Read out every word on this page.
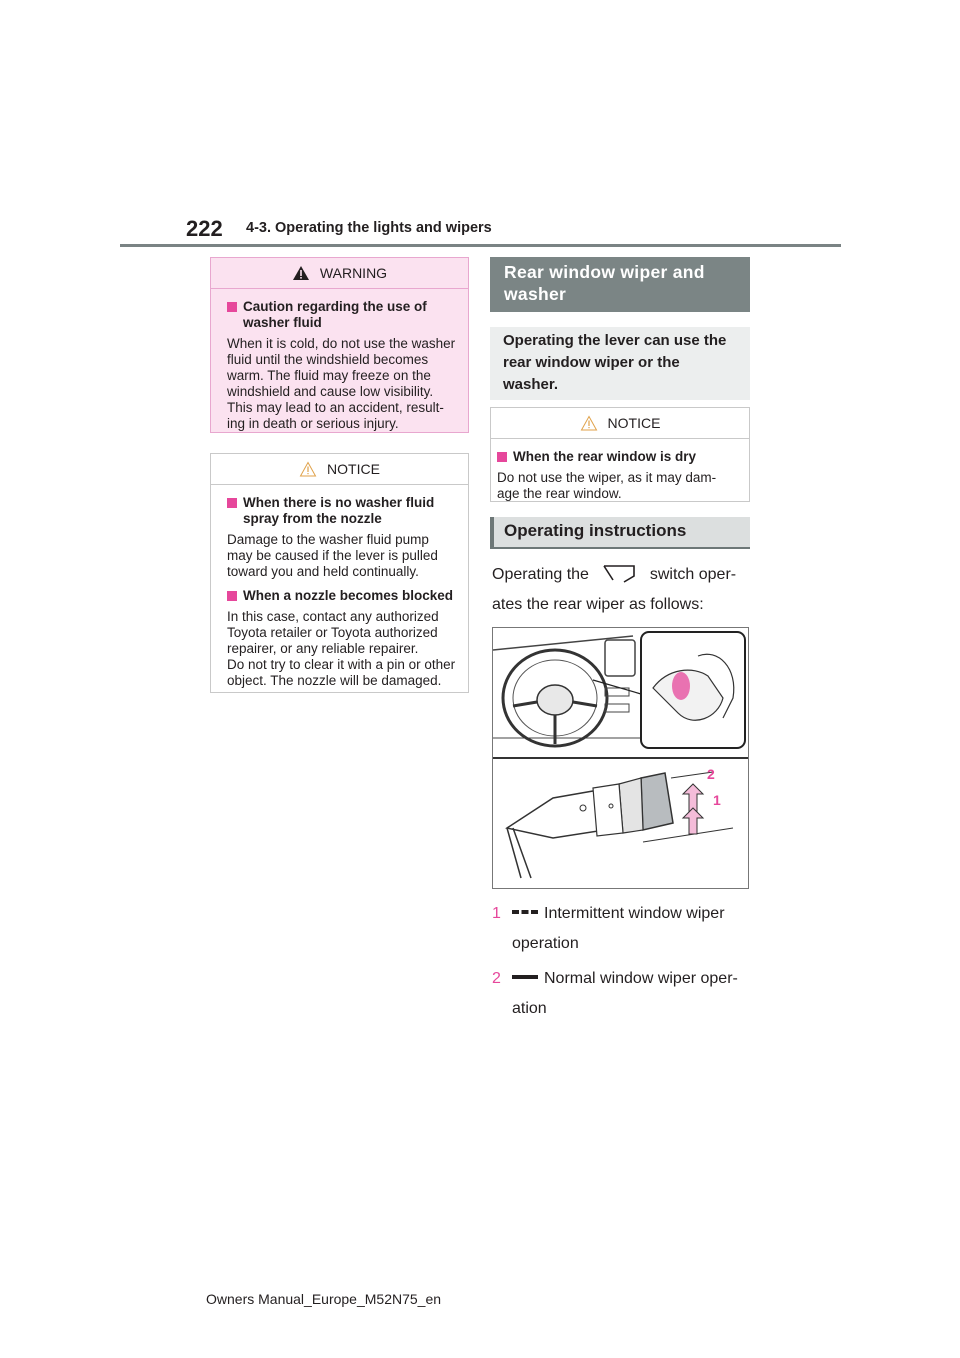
222 4-3. Operating the lights and wipers
WARNING
Caution regarding the use of washer fluid

When it is cold, do not use the washer fluid until the windshield becomes warm. The fluid may freeze on the windshield and cause low visibility. This may lead to an accident, result-ing in death or serious injury.

NOTICE
When there is no washer fluid spray from the nozzle

Damage to the washer fluid pump may be caused if the lever is pulled toward you and held continually.

When a nozzle becomes blocked

In this case, contact any authorized Toyota retailer or Toyota authorized repairer, or any reliable repairer.

Do not try to clear it with a pin or other object. The nozzle will be damaged.

Rear window wiper and washer
Operating the lever can use the rear window wiper or the washer.
NOTICE
When the rear window is dry

Do not use the wiper, as it may dam-age the rear window.

Operating instructions
Operating the	switch oper-
ates the rear wiper as follows:
2
1
1	Intermittent window wiper operation
2	Normal window wiper oper-ation
Owners Manual_Europe_M52N75_en
